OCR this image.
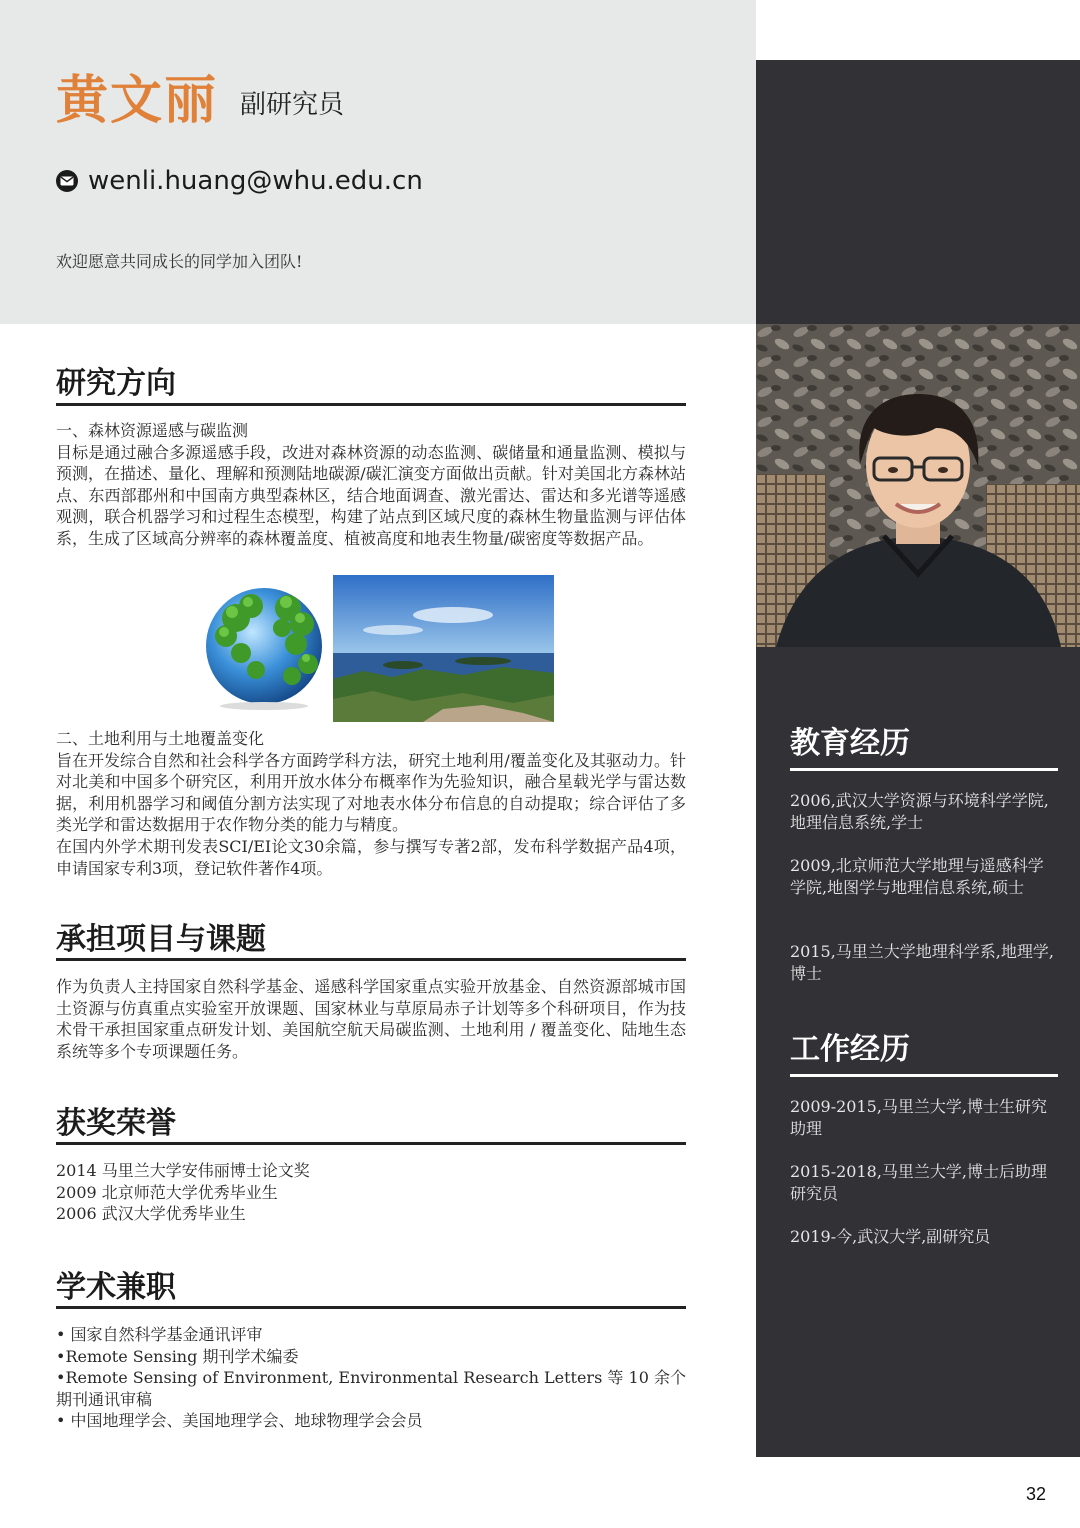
黄文丽 副研究员
wenli.huang@whu.edu.cn
欢迎愿意共同成长的同学加入团队!
研究方向

一、森林资源遥感与碳监测

目标是通过融合多源遥感手段，改进对森林资源的动态监测、碳储量和通量监测、模拟与预测，在描述、量化、理解和预测陆地碳源/碳汇演变方面做出贡献。针对美国北方森林站点、东西部郡州和中国南方典型森林区，结合地面调查、激光雷达、雷达和多光谱等遥感观测，联合机器学习和过程生态模型，构建了站点到区域尺度的森林生物量监测与评估体系，生成了区域高分辨率的森林覆盖度、植被高度和地表生物量/碳密度等数据产品。

二、土地利用与土地覆盖变化

旨在开发综合自然和社会科学各方面跨学科方法，研究土地利用/覆盖变化及其驱动力。针对北美和中国多个研究区，利用开放水体分布概率作为先验知识，融合星载光学与雷达数据，利用机器学习和阈值分割方法实现了对地表水体分布信息的自动提取；综合评估了多类光学和雷达数据用于农作物分类的能力与精度。

在国内外学术期刊发表SCI/EI论文30余篇，参与撰写专著2部，发布科学数据产品4项，申请国家专利3项，登记软件著作4项。

承担项目与课题
作为负责人主持国家自然科学基金、遥感科学国家重点实验开放基金、自然资源部城市国土资源与仿真重点实验室开放课题、国家林业与草原局赤子计划等多个科研项目，作为技术骨干承担国家重点研发计划、美国航空航天局碳监测、土地利用 / 覆盖变化、陆地生态系统等多个专项课题任务。
获奖荣誉

2014 马里兰大学安伟丽博士论文奖

2009 北京师范大学优秀毕业生

2006 武汉大学优秀毕业生

学术兼职

• 国家自然科学基金通讯评审

•Remote Sensing 期刊学术编委

•Remote Sensing of Environment, Environmental Research Letters 等 10 余个期刊通讯审稿

• 中国地理学会、美国地理学会、地球物理学会会员

教育经历
2006,武汉大学资源与环境科学学院,地理信息系统,学士
2009,北京师范大学地理与遥感科学学院,地图学与地理信息系统,硕士
2015,马里兰大学地理科学系,地理学,博士
工作经历
2009-2015,马里兰大学,博士生研究助理
2015-2018,马里兰大学,博士后助理研究员
2019-今,武汉大学,副研究员
32
